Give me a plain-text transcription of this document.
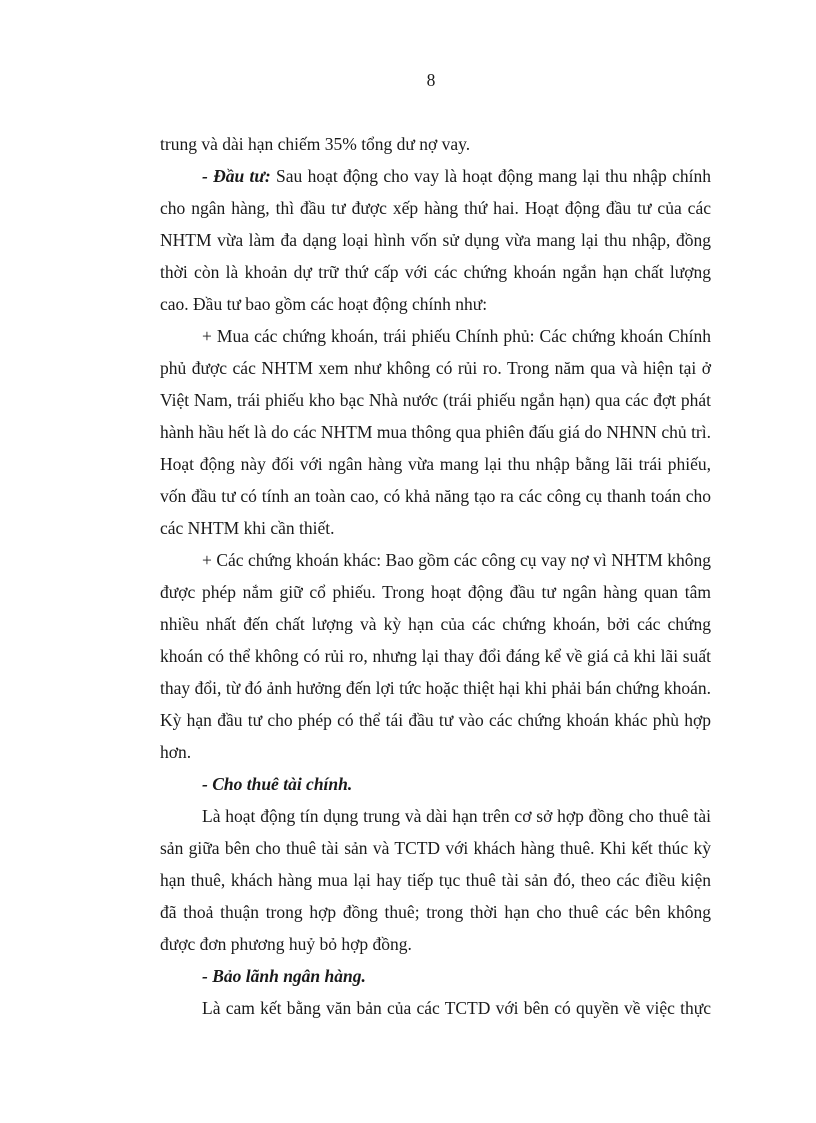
8

trung và dài hạn chiếm 35% tổng dư nợ vay.

- Đầu tư: Sau hoạt động cho vay là hoạt động mang lại thu nhập chính cho ngân hàng, thì đầu tư được xếp hàng thứ hai. Hoạt động đầu tư của các NHTM vừa làm đa dạng loại hình vốn sử dụng vừa mang lại thu nhập, đồng thời còn là khoản dự trữ thứ cấp với các chứng khoán ngắn hạn chất lượng cao. Đầu tư bao gồm các hoạt động chính như:

+ Mua các chứng khoán, trái phiếu Chính phủ: Các chứng khoán Chính phủ được các NHTM xem như không có rủi ro. Trong năm qua và hiện tại ở Việt Nam, trái phiếu kho bạc Nhà nước (trái phiếu ngắn hạn) qua các đợt phát hành hầu hết là do các NHTM mua thông qua phiên đấu giá do NHNN chủ trì. Hoạt động này đối với ngân hàng vừa mang lại thu nhập bằng lãi trái phiếu, vốn đầu tư có tính an toàn cao, có khả năng tạo ra các công cụ thanh toán cho các NHTM khi cần thiết.

+ Các chứng khoán khác: Bao gồm các công cụ vay nợ vì NHTM không được phép nắm giữ cổ phiếu. Trong hoạt động đầu tư ngân hàng quan tâm nhiều nhất đến chất lượng và kỳ hạn của các chứng khoán, bởi các chứng khoán có thể không có rủi ro, nhưng lại thay đổi đáng kể về giá cả khi lãi suất thay đổi, từ đó ảnh hưởng đến lợi tức hoặc thiệt hại khi phải bán chứng khoán. Kỳ hạn đầu tư cho phép có thể tái đầu tư vào các chứng khoán khác phù hợp hơn.

- Cho thuê tài chính.

Là hoạt động tín dụng trung và dài hạn trên cơ sở hợp đồng cho thuê tài sản giữa bên cho thuê tài sản và TCTD với khách hàng thuê. Khi kết thúc kỳ hạn thuê, khách hàng mua lại hay tiếp tục thuê tài sản đó, theo các điều kiện đã thoả thuận trong hợp đồng thuê; trong thời hạn cho thuê các bên không được đơn phương huỷ bỏ hợp đồng.

- Bảo lãnh ngân hàng.

Là cam kết bằng văn bản của các TCTD với bên có quyền về việc thực
